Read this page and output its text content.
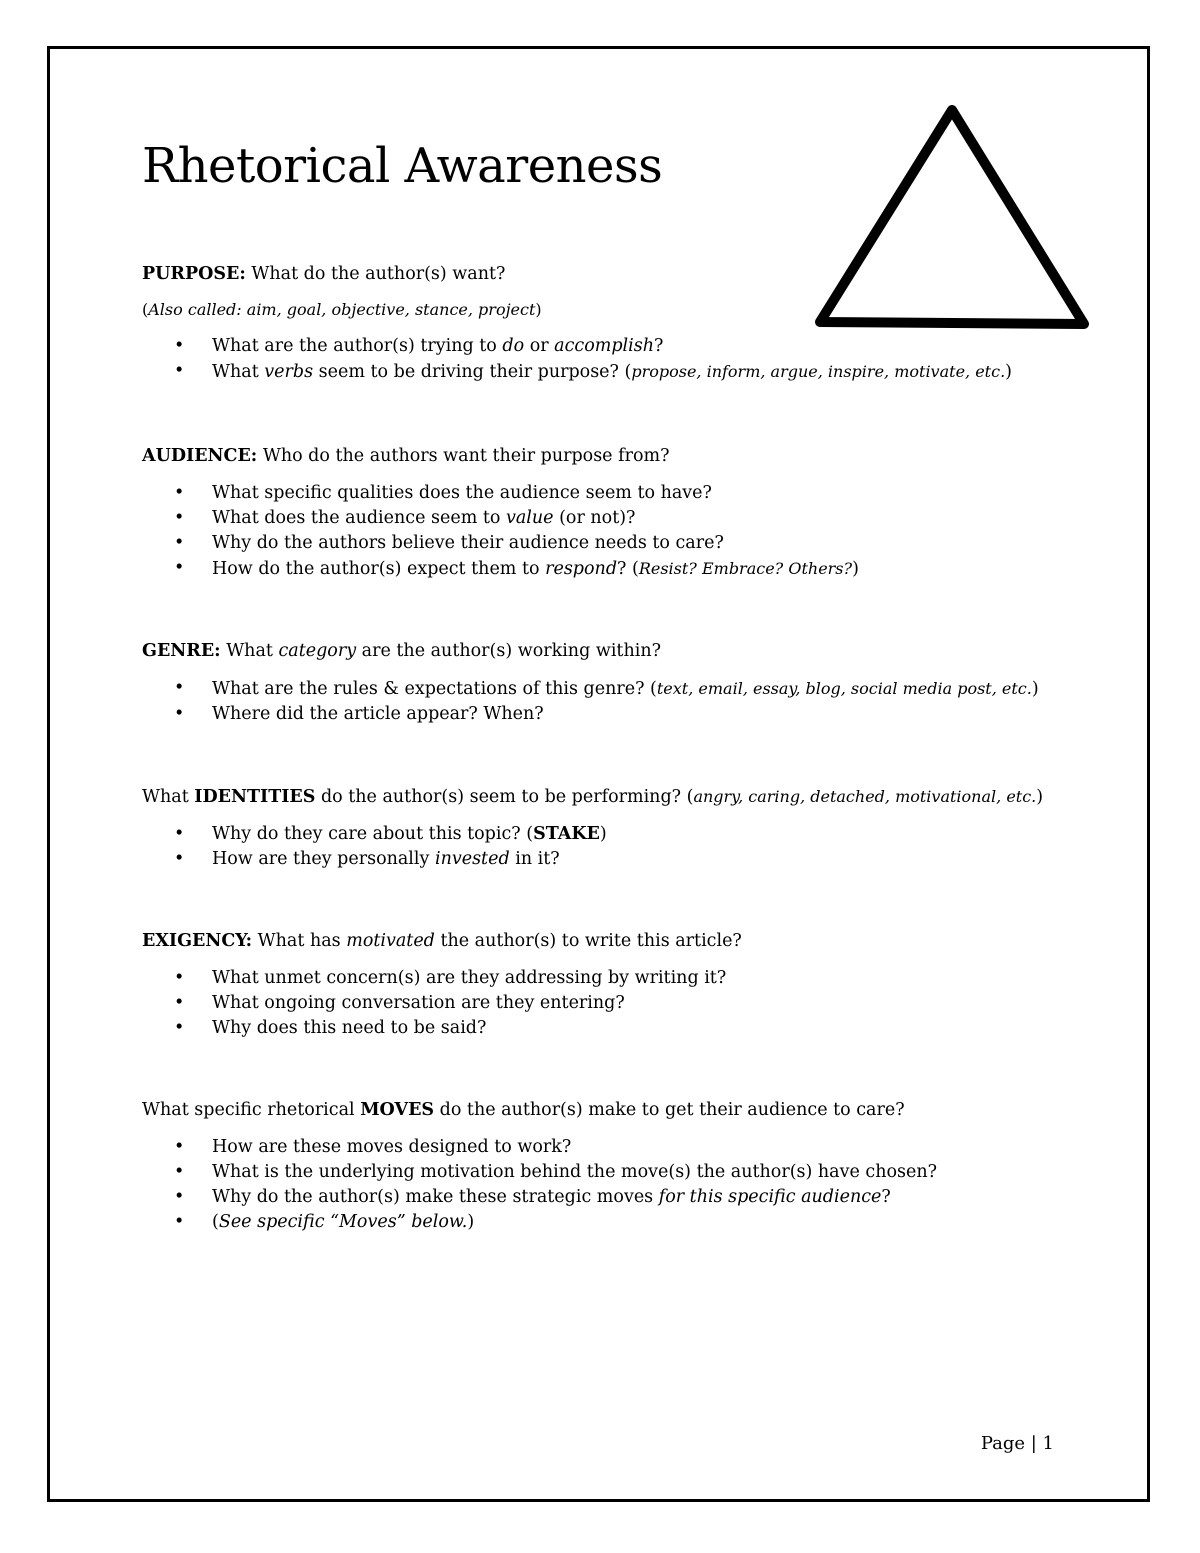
Rhetorical Awareness

PURPOSE: What do the author(s) want?

(Also called: aim, goal, objective, stance, project)

• What are the author(s) trying to do or accomplish?
• What verbs seem to be driving their purpose? (propose, inform, argue, inspire, motivate, etc.)

AUDIENCE: Who do the authors want their purpose from?

• What specific qualities does the audience seem to have?
• What does the audience seem to value (or not)?
• Why do the authors believe their audience needs to care?
• How do the author(s) expect them to respond? (Resist? Embrace? Others?)

GENRE: What category are the author(s) working within?

• What are the rules & expectations of this genre? (text, email, essay, blog, social media post, etc.)
• Where did the article appear? When?

What IDENTITIES do the author(s) seem to be performing? (angry, caring, detached, motivational, etc.)

• Why do they care about this topic? (STAKE)
• How are they personally invested in it?

EXIGENCY: What has motivated the author(s) to write this article?

• What unmet concern(s) are they addressing by writing it?
• What ongoing conversation are they entering?
• Why does this need to be said?

What specific rhetorical MOVES do the author(s) make to get their audience to care?

• How are these moves designed to work?
• What is the underlying motivation behind the move(s) the author(s) have chosen?
• Why do the author(s) make these strategic moves for this specific audience?
• (See specific “Moves” below.)
Page | 1
